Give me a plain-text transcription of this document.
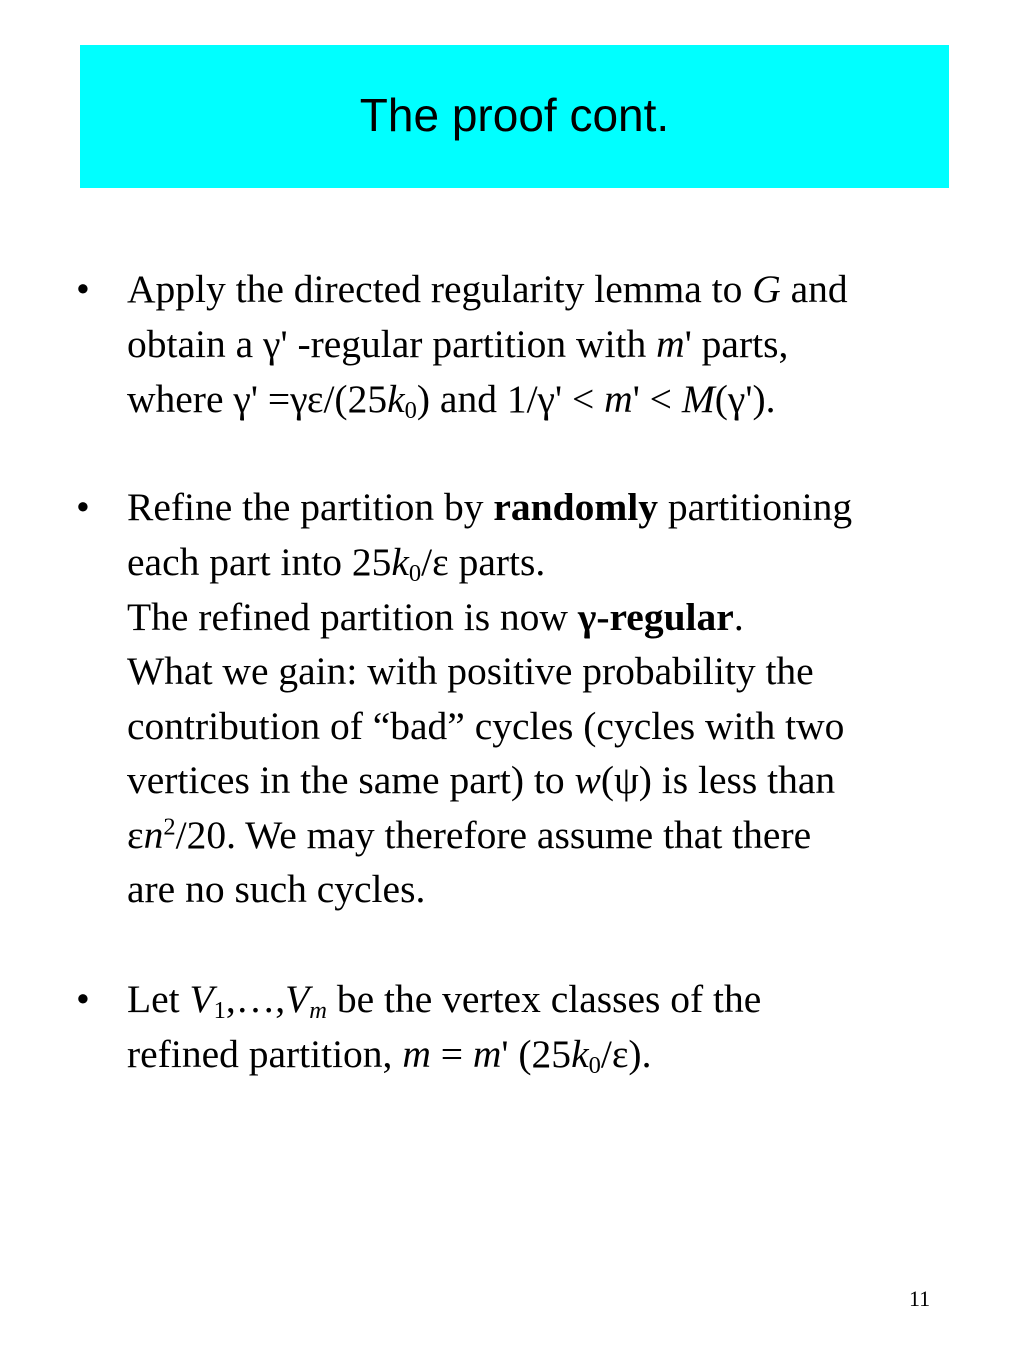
The proof cont.
• Apply the directed regularity lemma to G and
obtain a γ' -regular partition with m' parts,
where $\gamma' =\gamma\varepsilon/(25k_0)$ and 1/γ' < m' < M(γ').
• Refine the partition by randomly partitioning
each part into $25k_0/\varepsilon$ parts.
The refined partition is now γ-regular.
What we gain: with positive probability the
contribution of “bad” cycles (cycles with two
vertices in the same part) to w(ψ) is less than
$\varepsilon n^2/20$. We may therefore assume that there
are no such cycles.
• Let $V_1,\dots,V_m$ be the vertex classes of the
refined partition, m = m' $(25k_0/\varepsilon)$.
11
